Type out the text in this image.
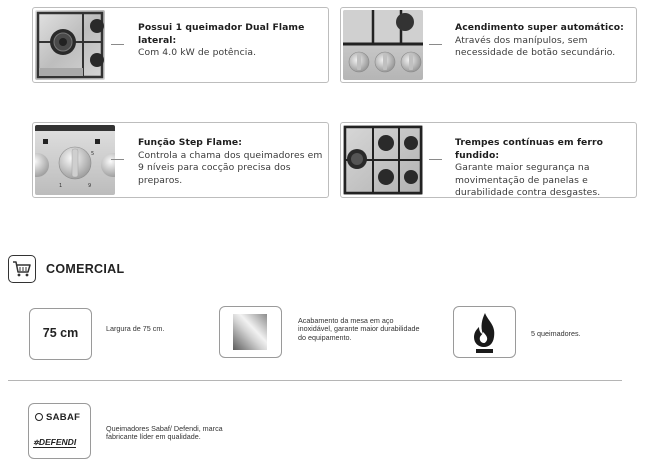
Possui 1 queimador Dual Flame lateral:
Com 4.0 kW de potência.
Acendimento super automático:
Através dos manípulos, sem necessidade de botão secundário.
1
5
9
Função Step Flame:
Controla a chama dos queimadores em 9 níveis para cocção precisa dos preparos.
Trempes contínuas em ferro fundido:
Garante maior segurança na movimentação de panelas e durabilidade contra desgastes.
COMERCIAL
75 cm	Largura de 75 cm.
Acabamento da mesa em aço inoxidável, garante maior durabilidade do equipamento.	5 queimadores.
SABAF
✲DEFENDI
Queimadores Sabaf/ Defendi, marca fabricante líder em qualidade.
